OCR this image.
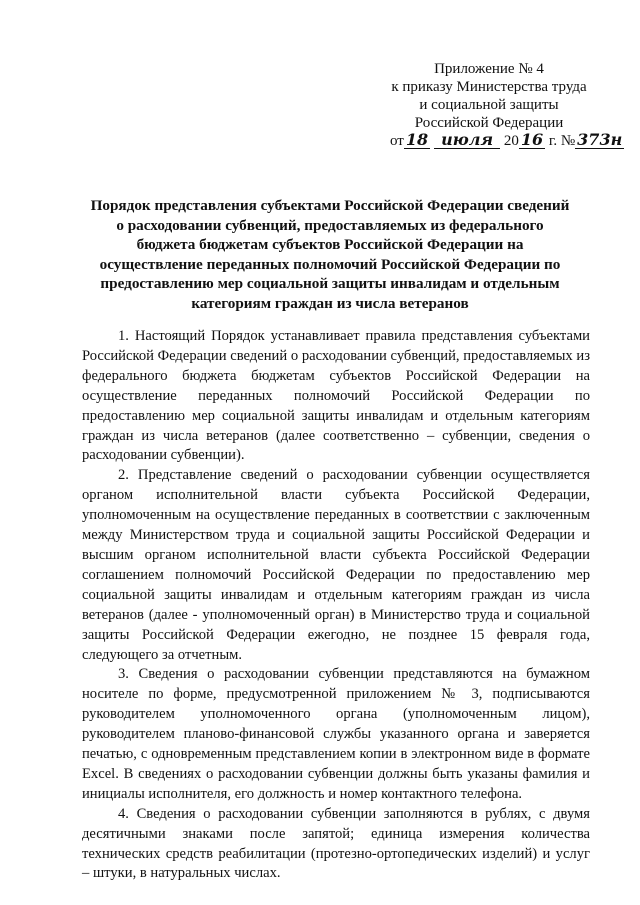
Приложение № 4
к приказу Министерства труда
и социальной защиты
Российской Федерации
от 18 июля 20 16 г. № 373н
Порядок представления субъектами Российской Федерации сведений о расходовании субвенций, предоставляемых из федерального бюджета бюджетам субъектов Российской Федерации на осуществление переданных полномочий Российской Федерации по предоставлению мер социальной защиты инвалидам и отдельным категориям граждан из числа ветеранов

1. Настоящий Порядок устанавливает правила представления субъектами Российской Федерации сведений о расходовании субвенций, предоставляемых из федерального бюджета бюджетам субъектов Российской Федерации на осуществление переданных полномочий Российской Федерации по предоставлению мер социальной защиты инвалидам и отдельным категориям граждан из числа ветеранов (далее соответственно – субвенции, сведения о расходовании субвенции).

2. Представление сведений о расходовании субвенции осуществляется органом исполнительной власти субъекта Российской Федерации, уполномоченным на осуществление переданных в соответствии с заключенным между Министерством труда и социальной защиты Российской Федерации и высшим органом исполнительной власти субъекта Российской Федерации соглашением полномочий Российской Федерации по предоставлению мер социальной защиты инвалидам и отдельным категориям граждан из числа ветеранов (далее - уполномоченный орган) в Министерство труда и социальной защиты Российской Федерации ежегодно, не позднее 15 февраля года, следующего за отчетным.

3. Сведения о расходовании субвенции представляются на бумажном носителе по форме, предусмотренной приложением № 3, подписываются руководителем уполномоченного органа (уполномоченным лицом), руководителем планово-финансовой службы указанного органа и заверяется печатью, с одновременным представлением копии в электронном виде в формате Excel. В сведениях о расходовании субвенции должны быть указаны фамилия и инициалы исполнителя, его должность и номер контактного телефона.

4. Сведения о расходовании субвенции заполняются в рублях, с двумя десятичными знаками после запятой; единица измерения количества технических средств реабилитации (протезно-ортопедических изделий) и услуг – штуки, в натуральных числах.
